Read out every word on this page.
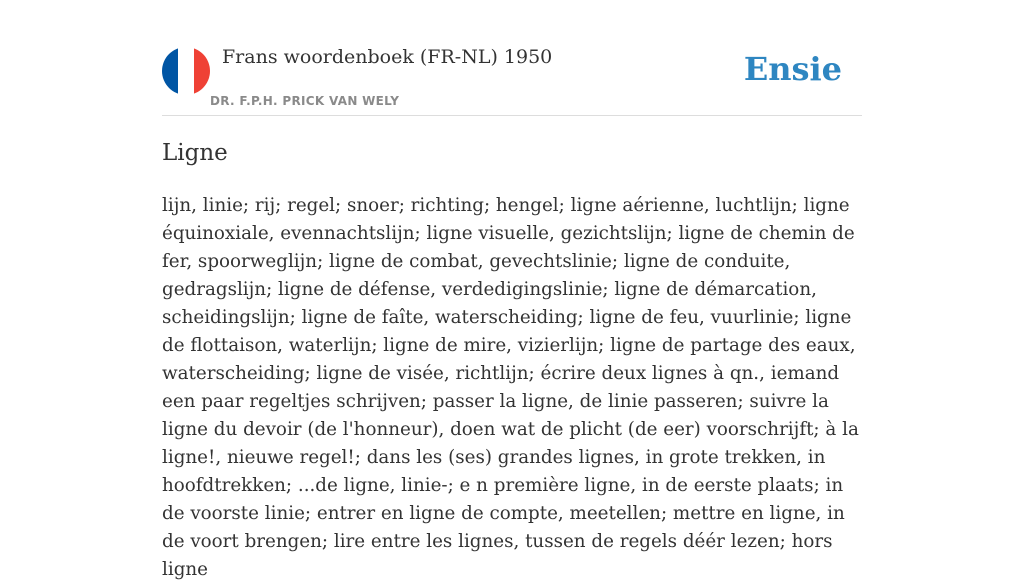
Frans woordenboek (FR-NL) 1950
DR. F.P.H. PRICK VAN WELY
Ensie
Ligne

lijn, linie; rij; regel; snoer; richting; hengel; ligne aérienne, luchtlijn; ligne équinoxiale, evennachtslijn; ligne visuelle, gezichtslijn; ligne de chemin de fer, spoorweglijn; ligne de combat, gevechtslinie; ligne de conduite, gedragslijn; ligne de défense, verdedigingslinie; ligne de démarcation, scheidingslijn; ligne de faîte, waterscheiding; ligne de feu, vuurlinie; ligne de flottaison, waterlijn; ligne de mire, vizierlijn; ligne de partage des eaux, waterscheiding; ligne de visée, richtlijn; écrire deux lignes à qn., iemand een paar regeltjes schrijven; passer la ligne, de linie passeren; suivre la ligne du devoir (de l'honneur), doen wat de plicht (de eer) voorschrijft; à la ligne!, nieuwe regel!; dans les (ses) grandes lignes, in grote trekken, in hoofdtrekken; ...de ligne, linie-; e n première ligne, in de eerste plaats; in de voorste linie; entrer en ligne de compte, meetellen; mettre en ligne, in de voort brengen; lire entre les lignes, tussen de regels déér lezen; hors ligne
